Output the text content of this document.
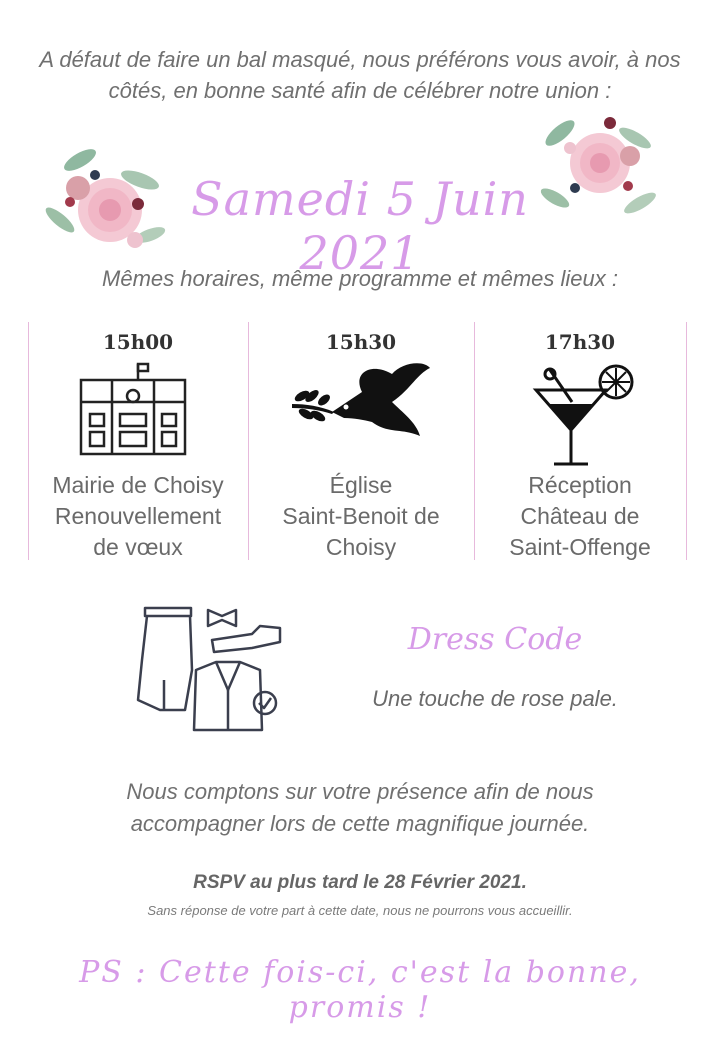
A défaut de faire un bal masqué, nous préférons vous avoir, à nos côtés, en bonne santé afin de célébrer notre union :
Samedi 5 Juin 2021
Mêmes horaires, même programme et mêmes lieux :
15h00
Mairie de Choisy
Renouvellement
de vœux
15h30
Église
Saint-Benoit de
Choisy
17h30
Réception
Château de
Saint-Offenge
Dress Code
Une touche de rose pale.
Nous comptons sur votre présence afin de nous
accompagner lors de cette magnifique journée.
RSPV au plus tard le 28 Février 2021.
Sans réponse de votre part à cette date, nous ne pourrons vous accueillir.
PS : Cette fois-ci, c'est la bonne, promis !
